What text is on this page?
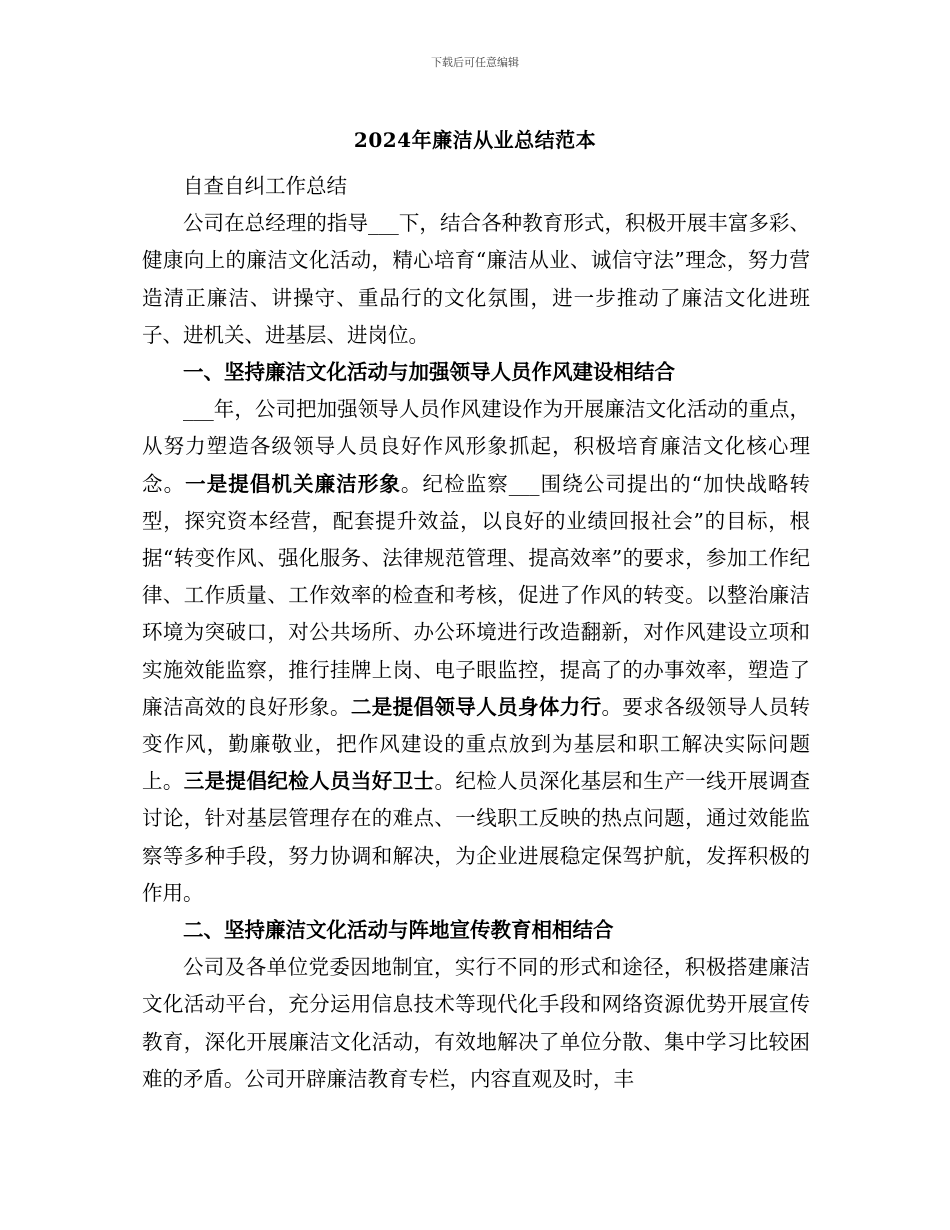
下载后可任意编辑
2024年廉洁从业总结范本

自查自纠工作总结

公司在总经理的指导___下，结合各种教育形式，积极开展丰富多彩、健康向上的廉洁文化活动，精心培育“廉洁从业、诚信守法”理念，努力营造清正廉洁、讲操守、重品行的文化氛围，进一步推动了廉洁文化进班子、进机关、进基层、进岗位。

一、坚持廉洁文化活动与加强领导人员作风建设相结合

___年，公司把加强领导人员作风建设作为开展廉洁文化活动的重点，从努力塑造各级领导人员良好作风形象抓起，积极培育廉洁文化核心理念。一是提倡机关廉洁形象。纪检监察___围绕公司提出的“加快战略转型，探究资本经营，配套提升效益，以良好的业绩回报社会”的目标，根据“转变作风、强化服务、法律规范管理、提高效率”的要求，参加工作纪律、工作质量、工作效率的检查和考核，促进了作风的转变。以整治廉洁环境为突破口，对公共场所、办公环境进行改造翻新，对作风建设立项和实施效能监察，推行挂牌上岗、电子眼监控，提高了的办事效率，塑造了廉洁高效的良好形象。二是提倡领导人员身体力行。要求各级领导人员转变作风，勤廉敬业，把作风建设的重点放到为基层和职工解决实际问题上。三是提倡纪检人员当好卫士。纪检人员深化基层和生产一线开展调查讨论，针对基层管理存在的难点、一线职工反映的热点问题，通过效能监察等多种手段，努力协调和解决，为企业进展稳定保驾护航，发挥积极的作用。

二、坚持廉洁文化活动与阵地宣传教育相相结合

公司及各单位党委因地制宜，实行不同的形式和途径，积极搭建廉洁文化活动平台，充分运用信息技术等现代化手段和网络资源优势开展宣传教育，深化开展廉洁文化活动，有效地解决了单位分散、集中学习比较困难的矛盾。公司开辟廉洁教育专栏，内容直观及时，丰
